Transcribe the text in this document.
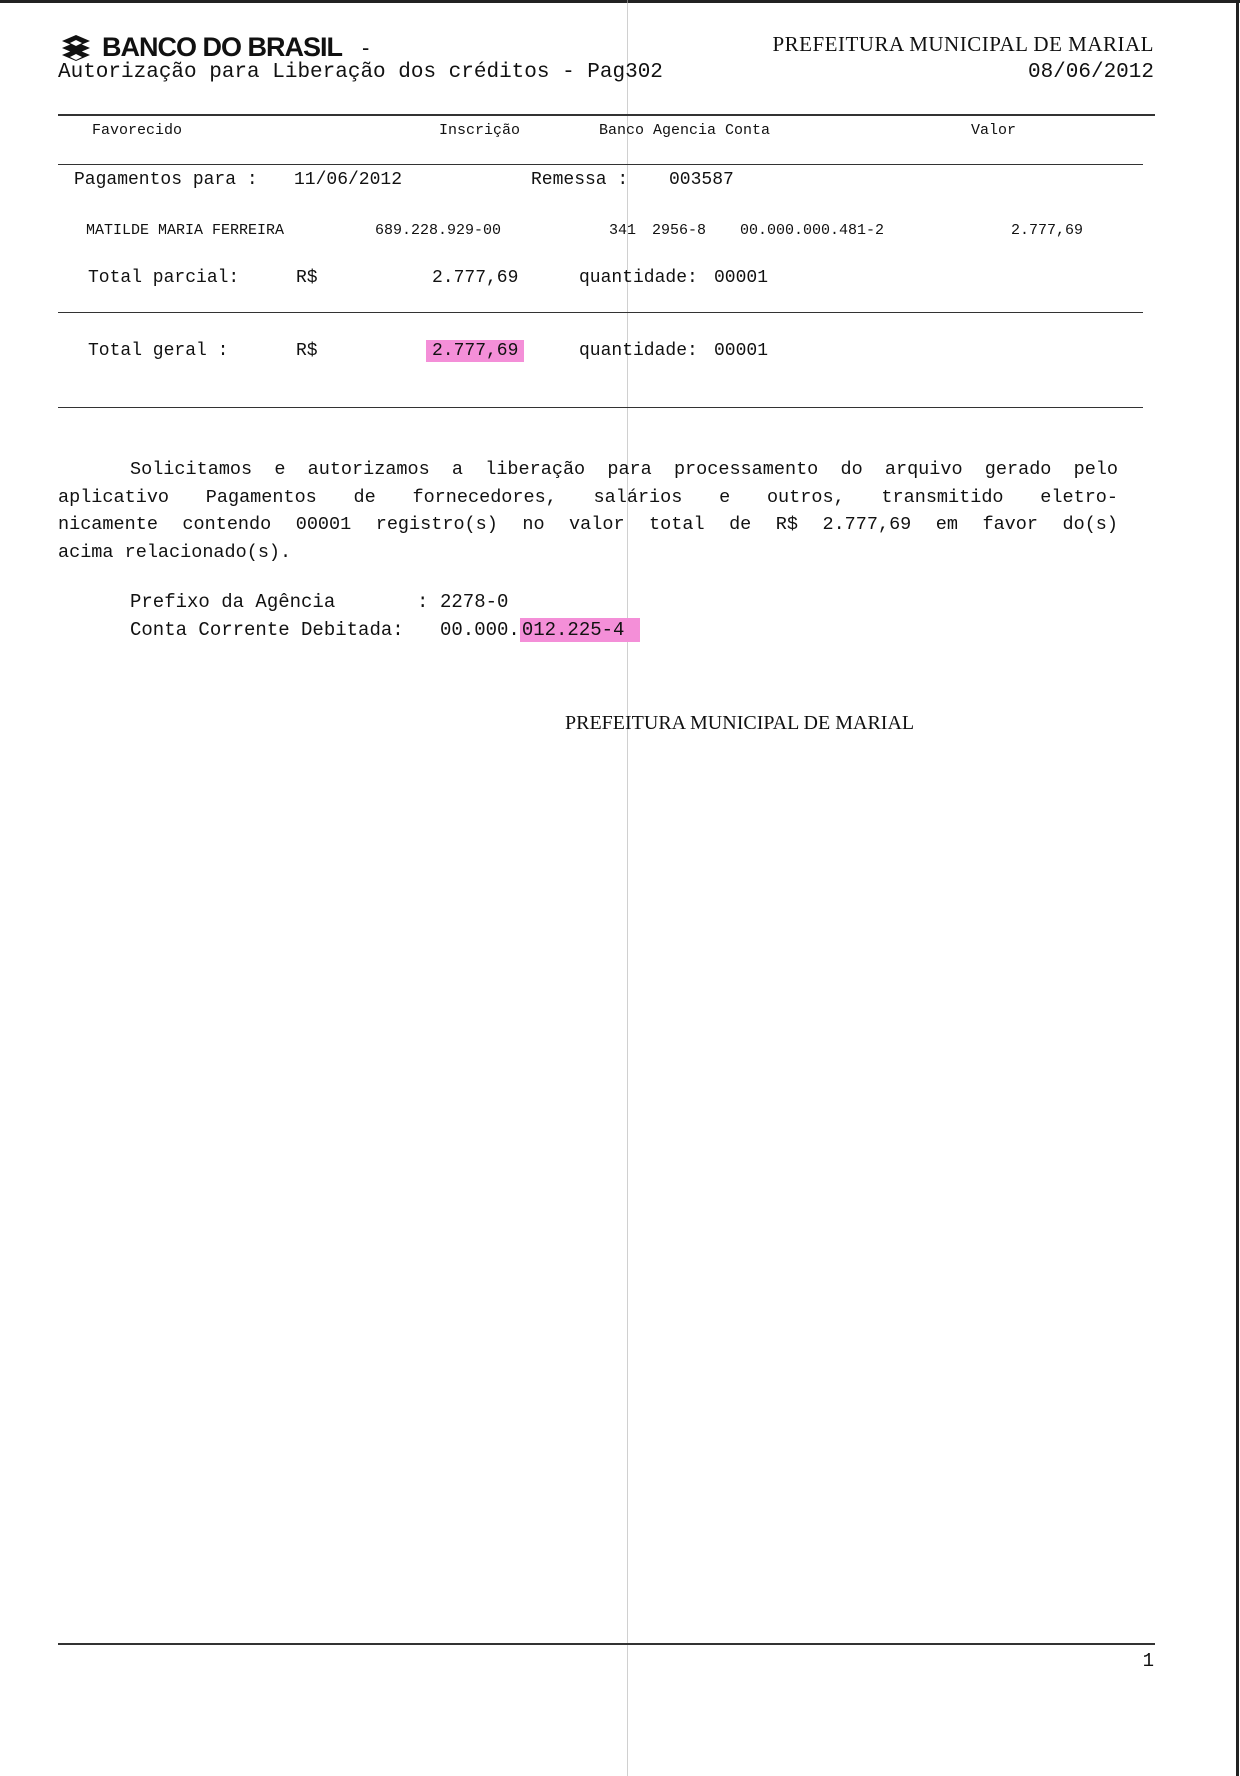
BANCO DO BRASIL -
Autorização para Liberação dos créditos - Pag302
PREFEITURA MUNICIPAL DE MARIAL
08/06/2012
Favorecido	Inscrição	Banco Agencia Conta	Valor
Pagamentos para : 11/06/2012	Remessa : 003587
MATILDE MARIA FERREIRA	689.228.929-00	341 2956-8 00.000.000.481-2	2.777,69
Total parcial:	R$	2.777,69	quantidade: 00001
Total geral :	R$	2.777,69	quantidade: 00001
Solicitamos e autorizamos a liberação para processamento do arquivo gerado pelo
aplicativo Pagamentos de fornecedores, salários e outros, transmitido eletro-
nicamente contendo 00001 registro(s) no valor total de R$ 2.777,69 em favor do(s)
acima relacionado(s).
Prefixo da Agência	: 2278-0
Conta Corrente Debitada: 00.000. 012.225-4
PREFEITURA MUNICIPAL DE MARIAL
1
